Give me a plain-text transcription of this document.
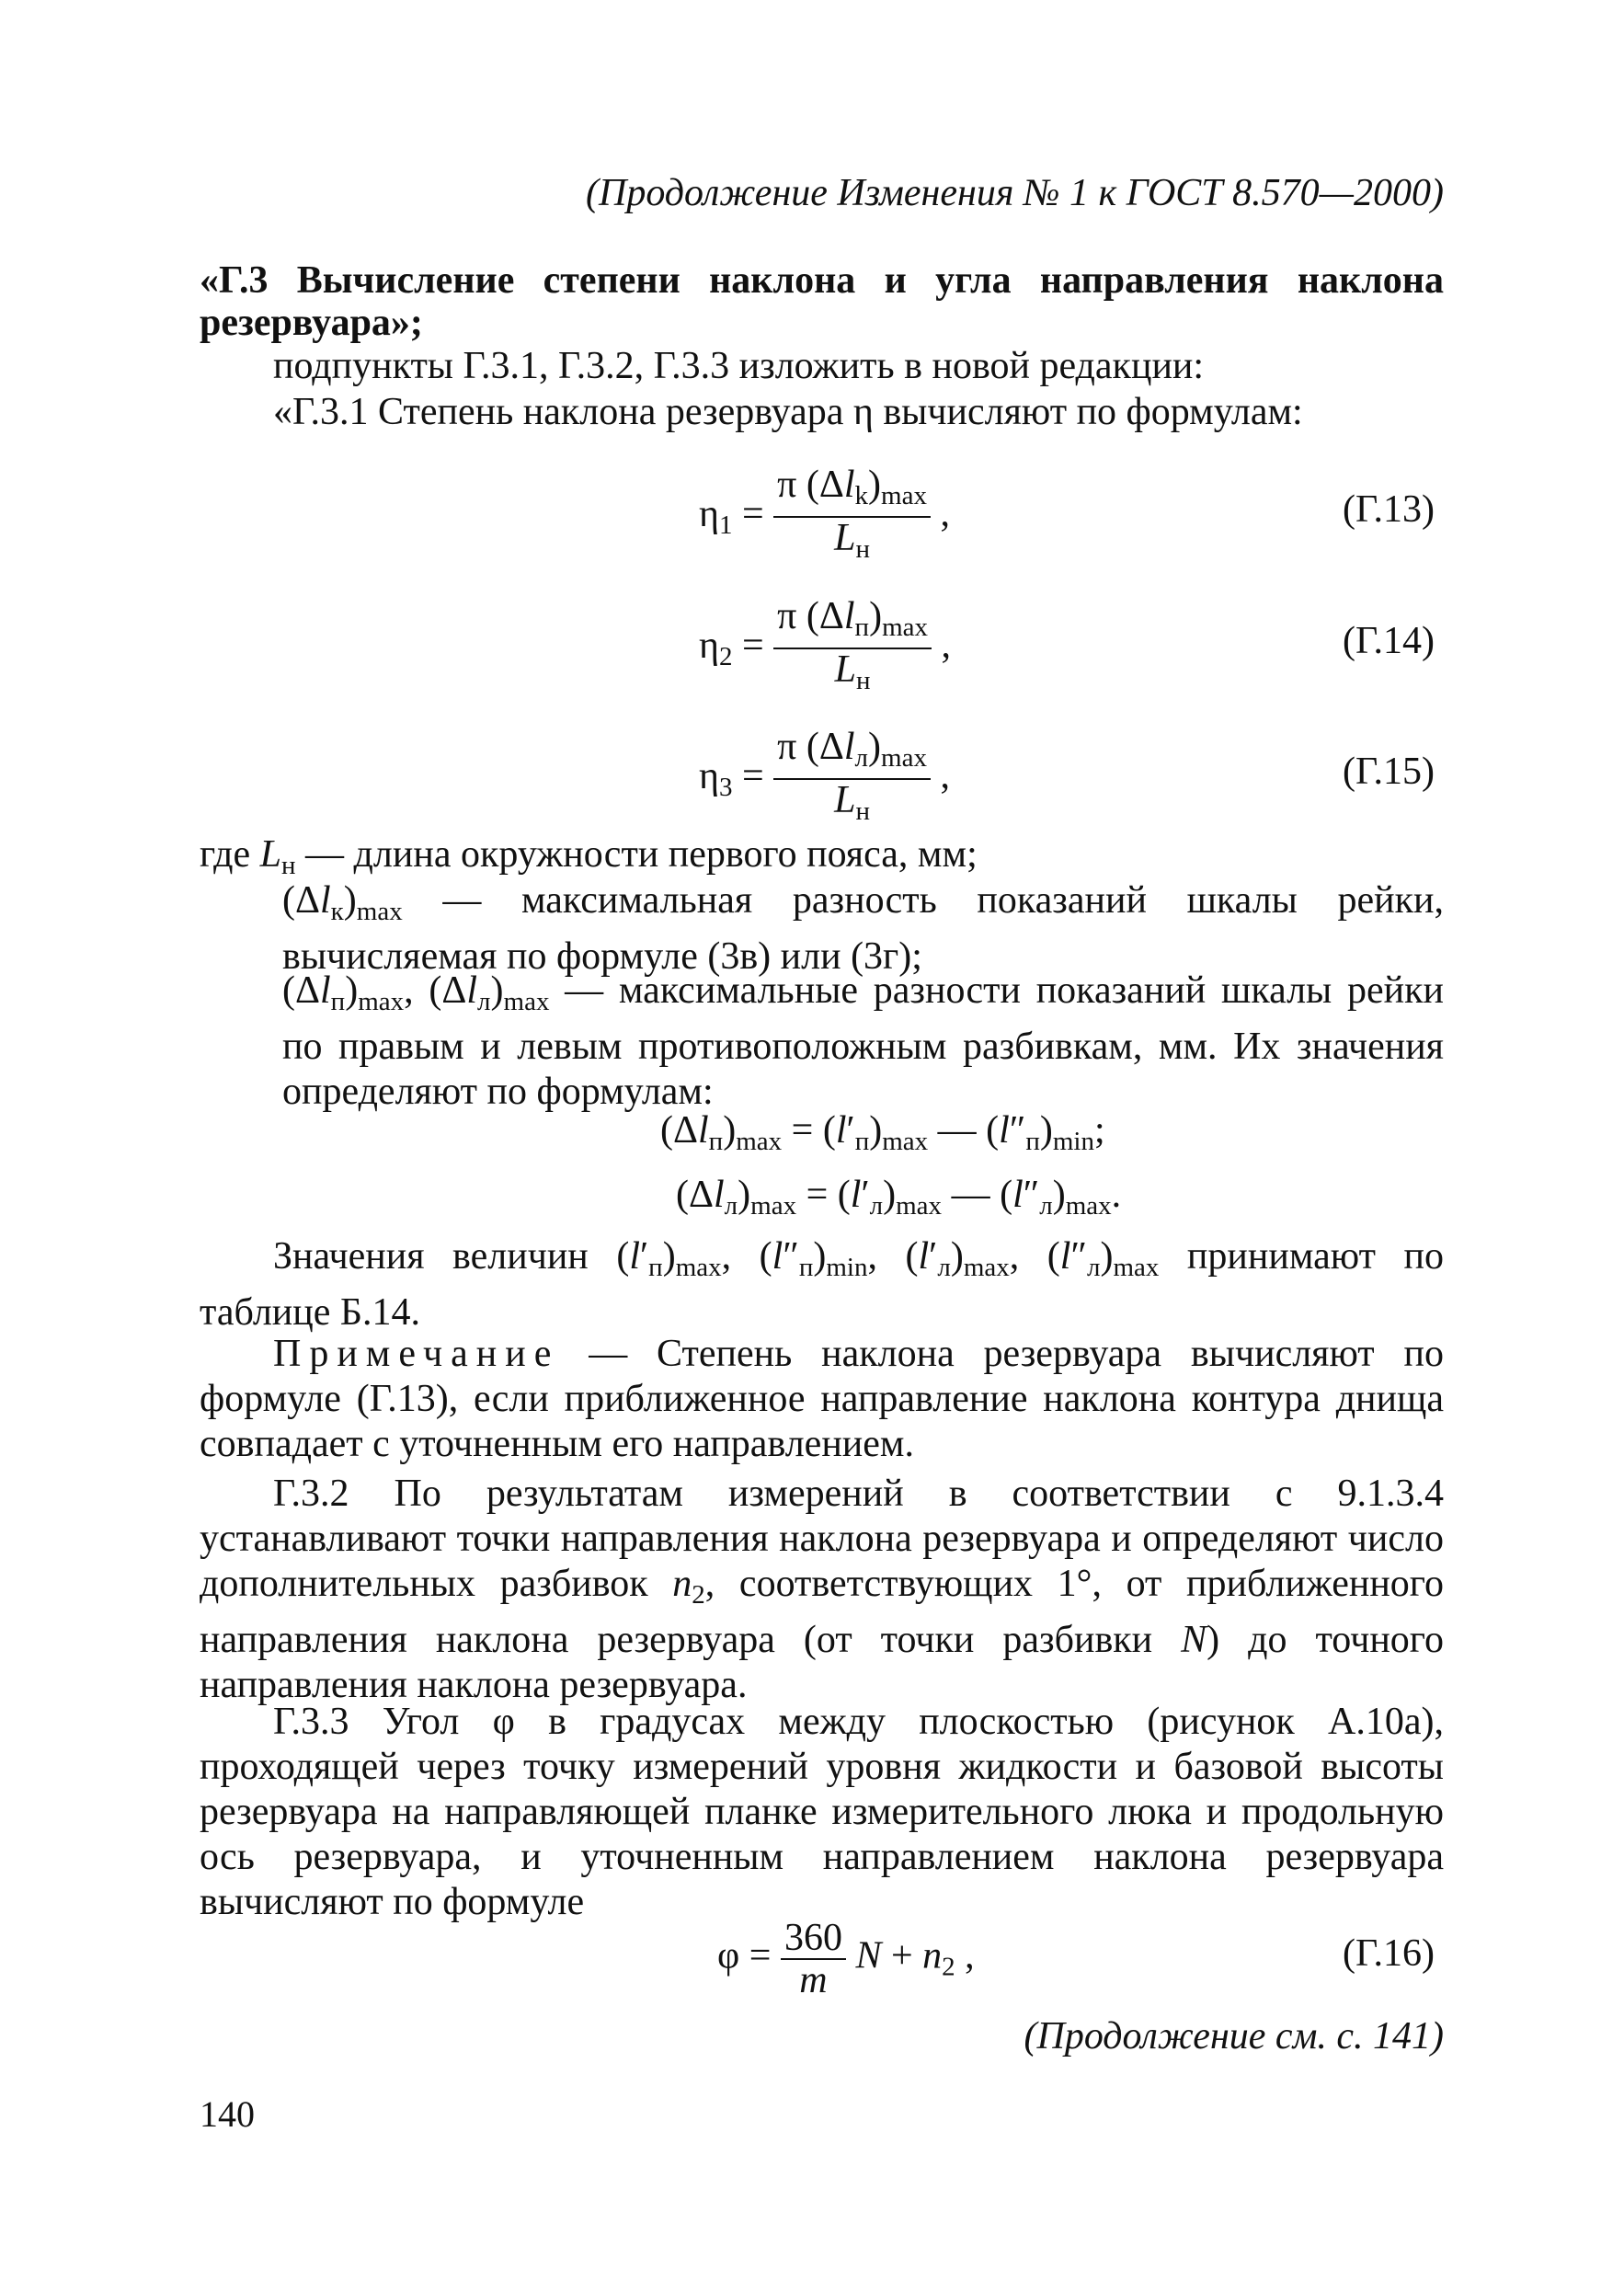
(Продолжение Изменения № 1 к ГОСТ 8.570—2000)
«Г.3 Вычисление степени наклона и угла направления наклона резервуара»;
подпункты Г.3.1, Г.3.2, Г.3.3 изложить в новой редакции:
«Г.3.1 Степень наклона резервуара η вычисляют по формулам:
$\eta_1 = \frac{\pi (\Delta l_k)_{max}}{L_н}$ ,	(Г.13)
$\eta_2 = \frac{\pi (\Delta l_п)_{max}}{L_н}$ ,	(Г.14)
$\eta_3 = \frac{\pi (\Delta l_л)_{max}}{L_н}$ ,	(Г.15)
где $L_н$ — длина окружности первого пояса, мм;
$(\Delta l_к)_{max}$ — максимальная разность показаний шкалы рейки, вычисляемая по формуле (3в) или (3г);
$(\Delta l_п)_{max}$, $(\Delta l_л)_{max}$ — максимальные разности показаний шкалы рейки по правым и левым противоположным разбивкам, мм. Их значения определяют по формулам:
$(\Delta l_п)_{max} = (l'_п)_{max}$ — $(l''_п)_{min}$;
$(\Delta l_л)_{max} = (l'_л)_{max}$ — $(l''_л)_{max}$.
Значения величин $(l'_п)_{max}$, $(l''_п)_{min}$, $(l'_л)_{max}$, $(l''_л)_{max}$ принимают по таблице Б.14.
Примечание — Степень наклона резервуара вычисляют по формуле (Г.13), если приближенное направление наклона контура днища совпадает с уточненным его направлением.
Г.3.2 По результатам измерений в соответствии с 9.1.3.4 устанавливают точки направления наклона резервуара и определяют число дополнительных разбивок $n_2$, соответствующих 1°, от приближенного направления наклона резервуара (от точки разбивки N) до точного направления наклона резервуара.
Г.3.3 Угол φ в градусах между плоскостью (рисунок А.10а), проходящей через точку измерений уровня жидкости и базовой высоты резервуара на направляющей планке измерительного люка и продольную ось резервуара, и уточненным направлением наклона резервуара вычисляют по формуле
$\varphi = \frac{360}{m}$ $N + n_2$ ,	(Г.16)
(Продолжение см. с. 141)
140
